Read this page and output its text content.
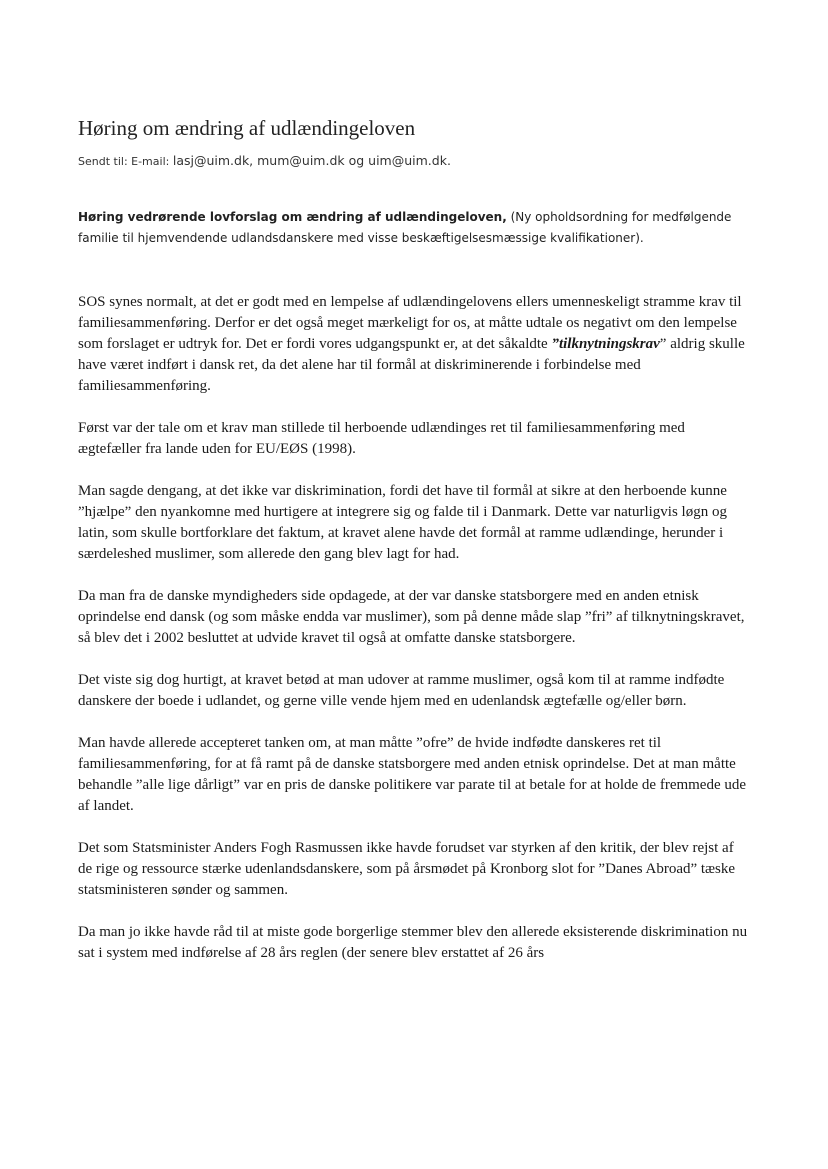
Høring om ændring af udlændingeloven
Sendt til: E-mail: lasj@uim.dk, mum@uim.dk og uim@uim.dk.

Høring vedrørende lovforslag om ændring af udlændingeloven, (Ny opholdsordning for medfølgende familie til hjemvendende udlandsdanskere med visse beskæftigelsesmæssige kvalifikationer).

SOS synes normalt, at det er godt med en lempelse af udlændingelovens ellers umenneskeligt stramme krav til familiesammenføring. Derfor er det også meget mærkeligt for os, at måtte udtale os negativt om den lempelse som forslaget er udtryk for. Det er fordi vores udgangspunkt er, at det såkaldte ”tilknytningskrav” aldrig skulle have været indført i dansk ret, da det alene har til formål at diskriminerende i forbindelse med familiesammenføring.

Først var der tale om et krav man stillede til herboende udlændinges ret til familiesammenføring med ægtefæller fra lande uden for EU/EØS (1998).

Man sagde dengang, at det ikke var diskrimination, fordi det have til formål at sikre at den herboende kunne ”hjælpe” den nyankomne med hurtigere at integrere sig og falde til i Danmark. Dette var naturligvis løgn og latin, som skulle bortforklare det faktum, at kravet alene havde det formål at ramme udlændinge, herunder i særdeleshed muslimer, som allerede den gang blev lagt for had.

Da man fra de danske myndigheders side opdagede, at der var danske statsborgere med en anden etnisk oprindelse end dansk (og som måske endda var muslimer), som på denne måde slap ”fri” af tilknytningskravet, så blev det i 2002 besluttet at udvide kravet til også at omfatte danske statsborgere.

Det viste sig dog hurtigt, at kravet betød at man udover at ramme muslimer, også kom til at ramme indfødte danskere der boede i udlandet, og gerne ville vende hjem med en udenlandsk ægtefælle og/eller børn.

Man havde allerede accepteret tanken om, at man måtte ”ofre” de hvide indfødte danskeres ret til familiesammenføring, for at få ramt på de danske statsborgere med anden etnisk oprindelse. Det at man måtte behandle ”alle lige dårligt” var en pris de danske politikere var parate til at betale for at holde de fremmede ude af landet.

Det som Statsminister Anders Fogh Rasmussen ikke havde forudset var styrken af den kritik, der blev rejst af de rige og ressource stærke udenlandsdanskere, som på årsmødet på Kronborg slot for ”Danes Abroad” tæske statsministeren sønder og sammen.

Da man jo ikke havde råd til at miste gode borgerlige stemmer blev den allerede eksisterende diskrimination nu sat i system med indførelse af 28 års reglen (der senere blev erstattet af 26 års
